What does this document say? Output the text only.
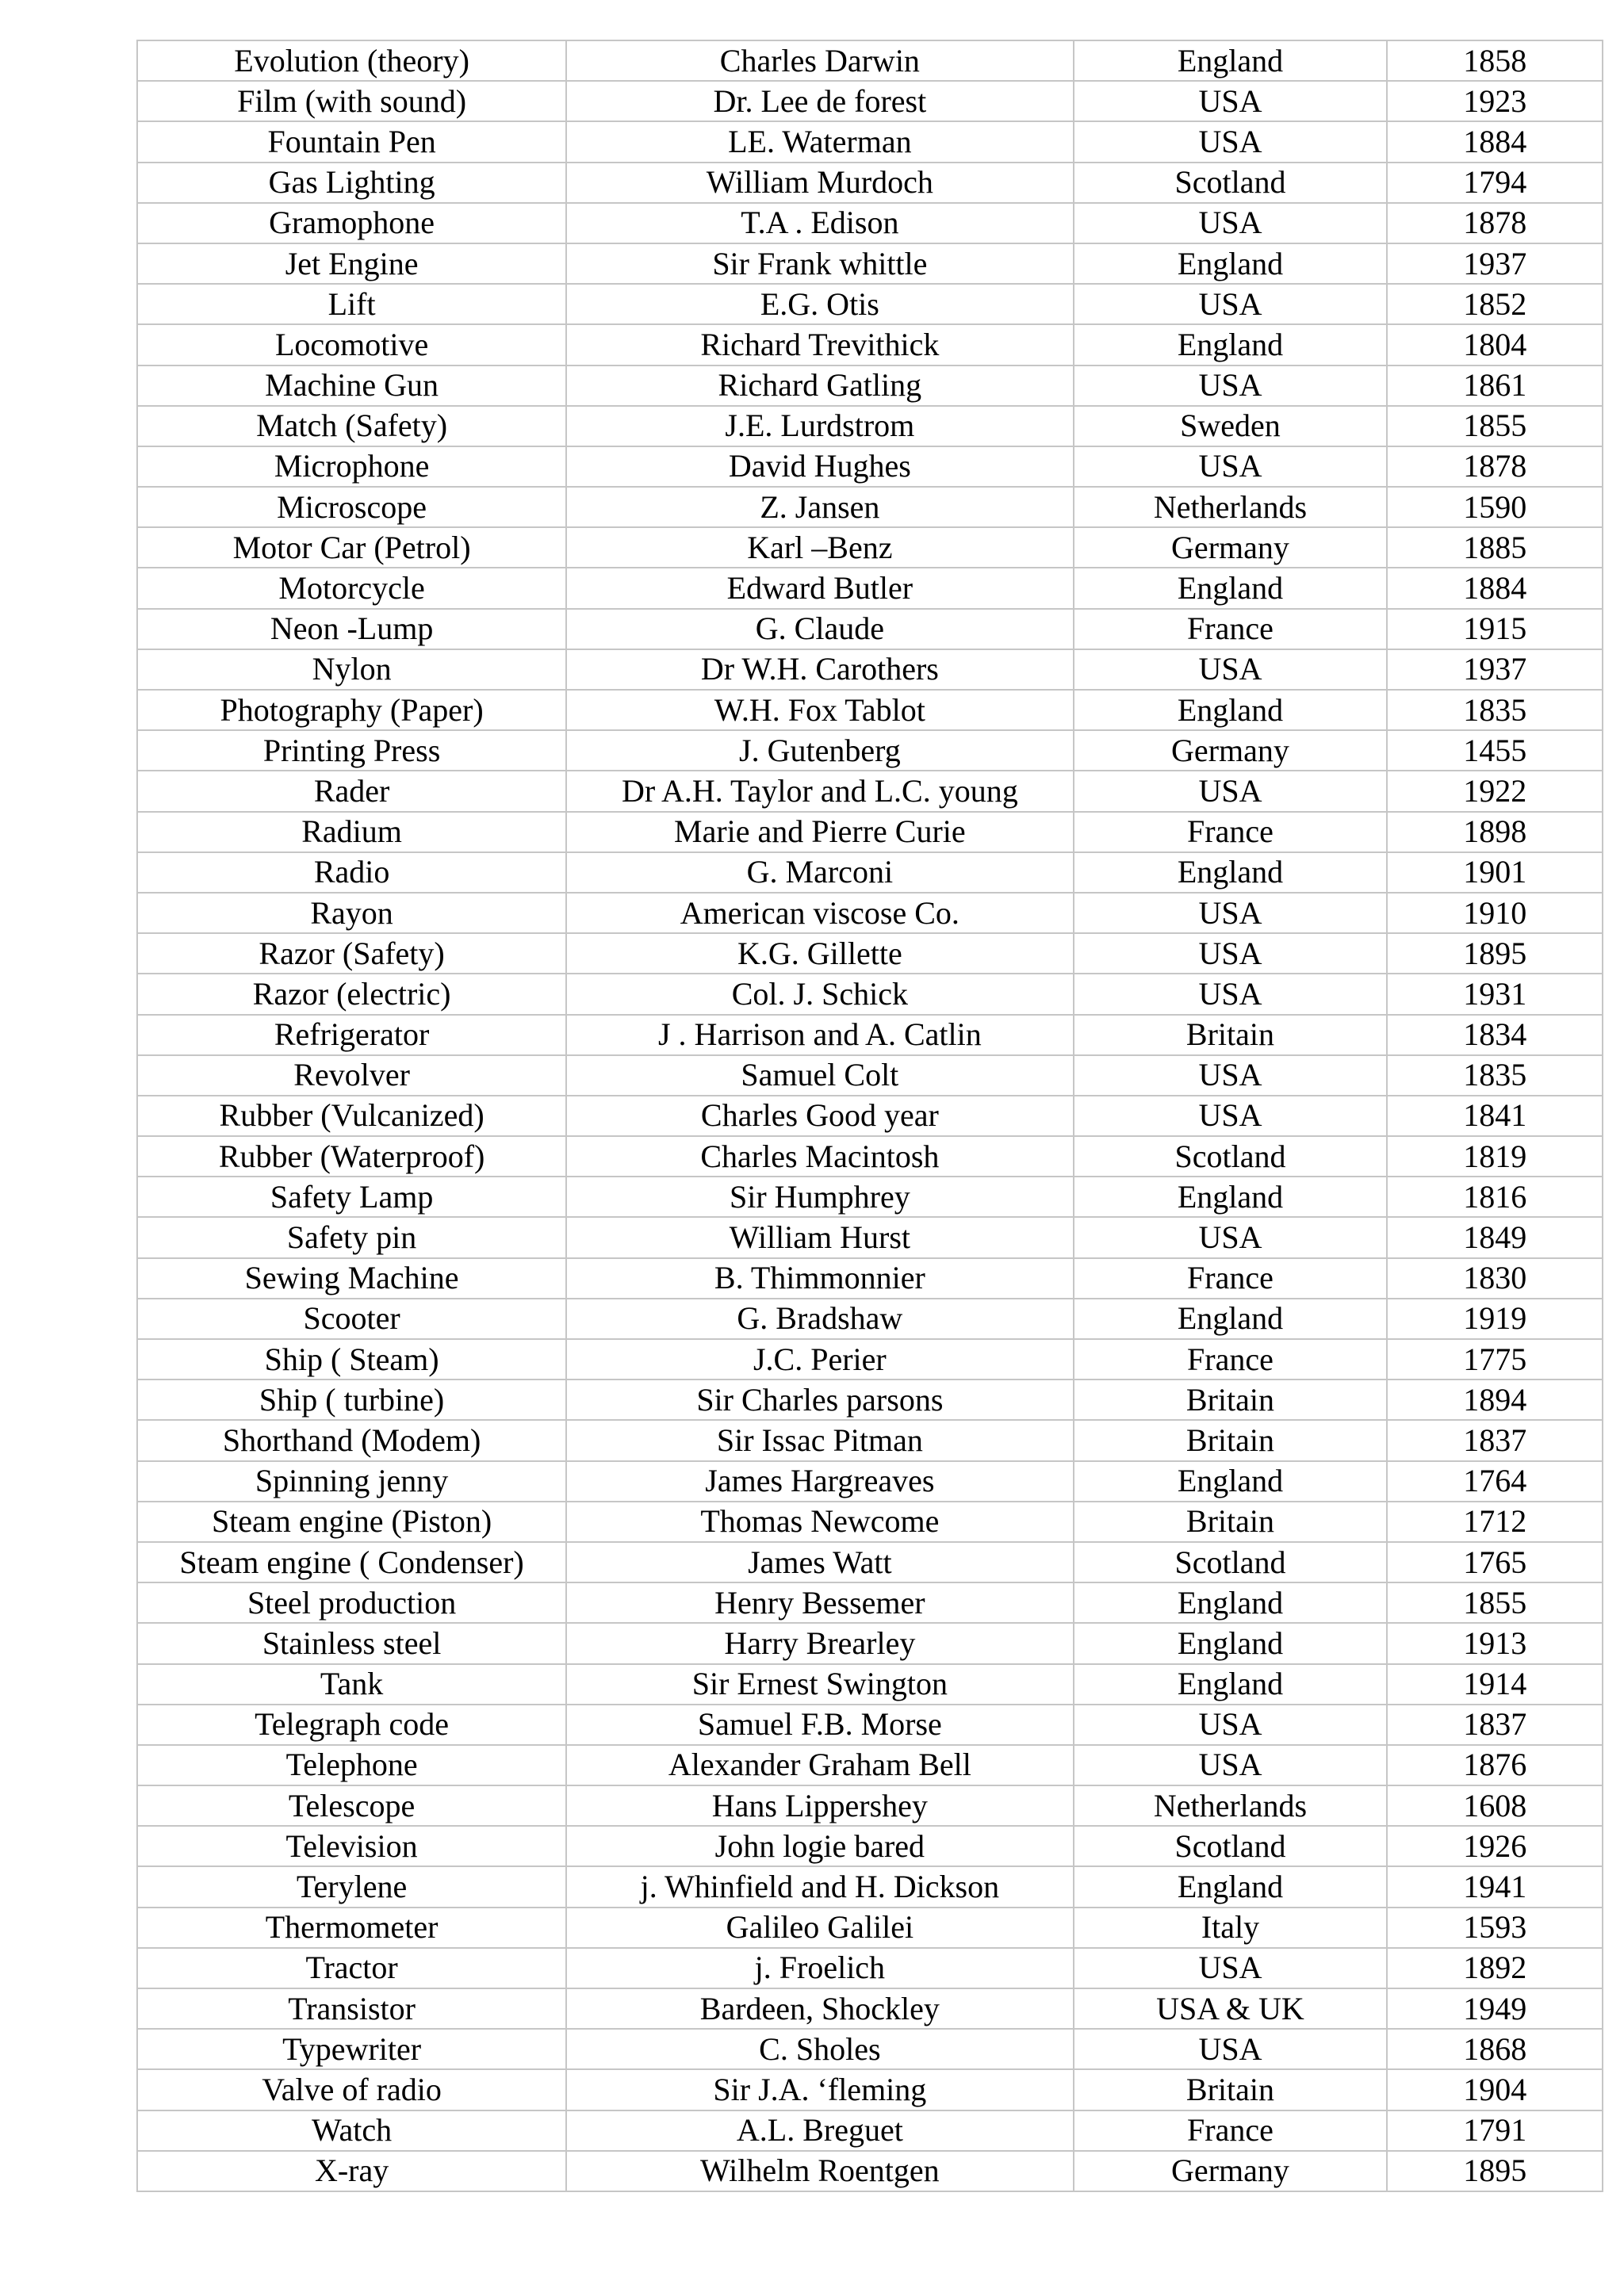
Evolution (theory)	Charles Darwin	England	1858
Film (with sound)	Dr. Lee de forest	USA	1923
Fountain Pen	LE. Waterman	USA	1884
Gas Lighting	William Murdoch	Scotland	1794
Gramophone	T.A . Edison	USA	1878
Jet Engine	Sir Frank whittle	England	1937
Lift	E.G. Otis	USA	1852
Locomotive	Richard Trevithick	England	1804
Machine Gun	Richard Gatling	USA	1861
Match (Safety)	J.E. Lurdstrom	Sweden	1855
Microphone	David Hughes	USA	1878
Microscope	Z. Jansen	Netherlands	1590
Motor Car (Petrol)	Karl –Benz	Germany	1885
Motorcycle	Edward Butler	England	1884
Neon -Lump	G. Claude	France	1915
Nylon	Dr W.H. Carothers	USA	1937
Photography (Paper)	W.H. Fox Tablot	England	1835
Printing Press	J. Gutenberg	Germany	1455
Rader	Dr A.H. Taylor and L.C. young	USA	1922
Radium	Marie and Pierre Curie	France	1898
Radio	G. Marconi	England	1901
Rayon	American viscose Co.	USA	1910
Razor (Safety)	K.G. Gillette	USA	1895
Razor (electric)	Col. J. Schick	USA	1931
Refrigerator	J . Harrison and A. Catlin	Britain	1834
Revolver	Samuel Colt	USA	1835
Rubber (Vulcanized)	Charles Good year	USA	1841
Rubber (Waterproof)	Charles Macintosh	Scotland	1819
Safety Lamp	Sir Humphrey	England	1816
Safety pin	William Hurst	USA	1849
Sewing Machine	B. Thimmonnier	France	1830
Scooter	G. Bradshaw	England	1919
Ship ( Steam)	J.C. Perier	France	1775
Ship ( turbine)	Sir Charles parsons	Britain	1894
Shorthand (Modem)	Sir Issac Pitman	Britain	1837
Spinning jenny	James Hargreaves	England	1764
Steam engine (Piston)	Thomas Newcome	Britain	1712
Steam engine ( Condenser)	James Watt	Scotland	1765
Steel production	Henry Bessemer	England	1855
Stainless steel	Harry Brearley	England	1913
Tank	Sir Ernest Swington	England	1914
Telegraph code	Samuel F.B. Morse	USA	1837
Telephone	Alexander Graham Bell	USA	1876
Telescope	Hans Lippershey	Netherlands	1608
Television	John logie bared	Scotland	1926
Terylene	j. Whinfield and H. Dickson	England	1941
Thermometer	Galileo Galilei	Italy	1593
Tractor	j. Froelich	USA	1892
Transistor	Bardeen, Shockley	USA & UK	1949
Typewriter	C. Sholes	USA	1868
Valve of radio	Sir J.A. ‘fleming	Britain	1904
Watch	A.L. Breguet	France	1791
X-ray	Wilhelm Roentgen	Germany	1895
